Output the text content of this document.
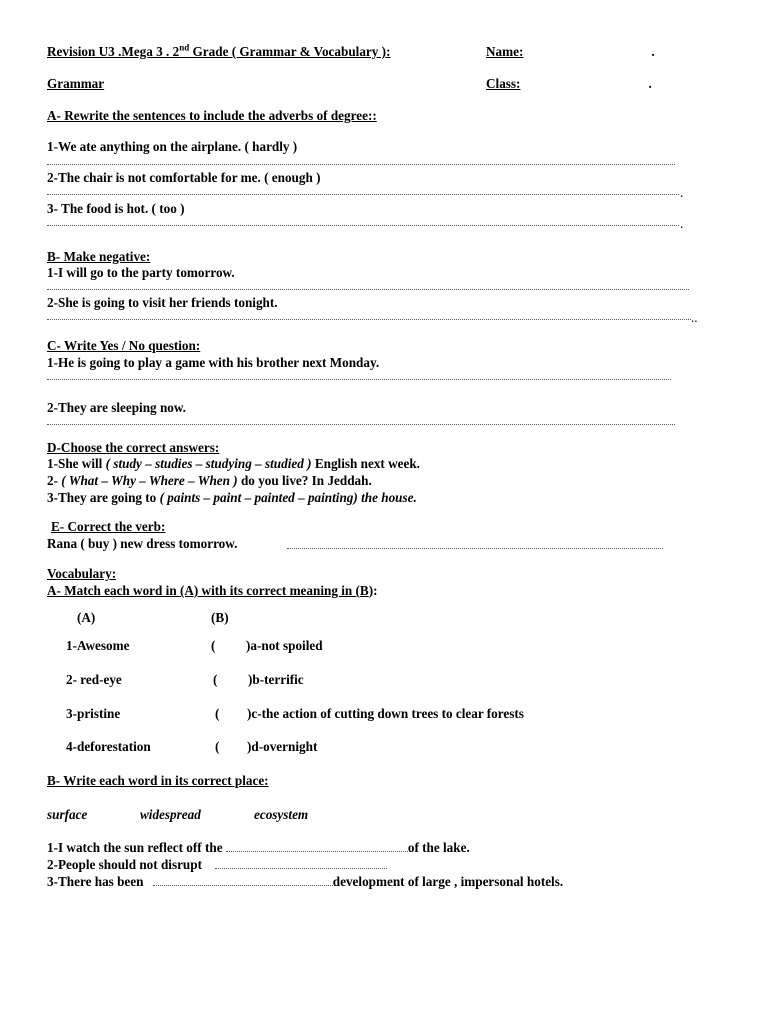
Revision U3 .Mega 3 . 2nd Grade ( Grammar & Vocabulary ):	Name:	.
Grammar	Class:	.
A- Rewrite the sentences to include the adverbs of degree::
1-We ate anything on the airplane. ( hardly )
2-The chair is not comfortable for me. ( enough )
.
3- The food is hot. ( too )
.
B- Make negative:
1-I will go to the party tomorrow.
2-She is going to visit her friends tonight.
..
C- Write Yes / No question:
1-He is going to play a game with his brother next Monday.
2-They are sleeping now.
D-Choose the correct answers:
1-She will ( study – studies – studying – studied ) English next week.
2- ( What – Why – Where – When ) do you live? In Jeddah.
3-They are going to ( paints – paint – painted – painting) the house.
E- Correct the verb:
Rana ( buy ) new dress tomorrow.
Vocabulary:
A- Match each word in (A) with its correct meaning in (B):
(A)	(B)
1-Awesome	( )a-not spoiled
2- red-eye	( )b-terrific
3-pristine	( )c-the action of cutting down trees to clear forests
4-deforestation	( )d-overnight
B- Write each word in its correct place:
surface	widespread	ecosystem
1-I watch the sun reflect off the	of the lake.
2-People should not disrupt
3-There has been	development of large , impersonal hotels.
